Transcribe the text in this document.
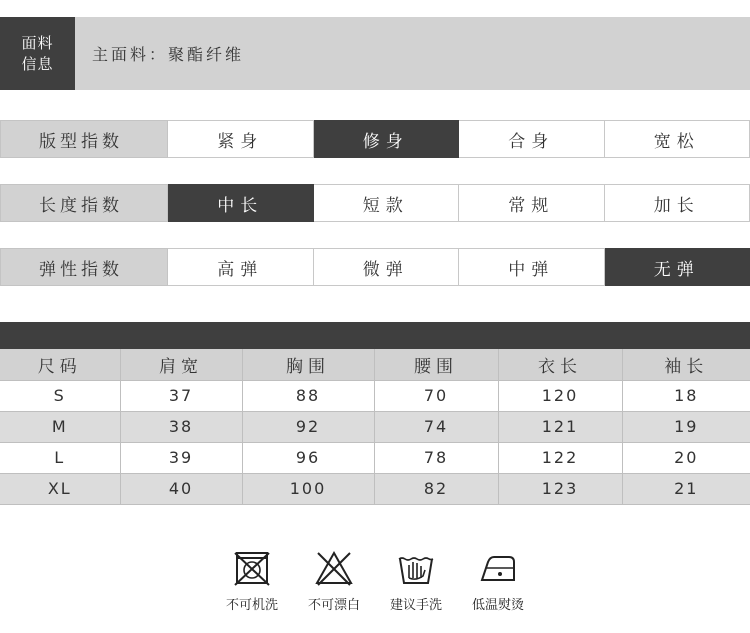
面料
信息	主面料：聚酯纤维
版型指数	紧身	修身	合身	宽松
长度指数	中长	短款	常规	加长
弹性指数	高弹	微弹	中弹	无弹
尺码	肩宽	胸围	腰围	衣长	袖长
S	37	88	70	120	18
M	38	92	74	121	19
L	39	96	78	122	20
XL	40	100	82	123	21
不可机洗 不可漂白 建议手洗 低温熨烫
